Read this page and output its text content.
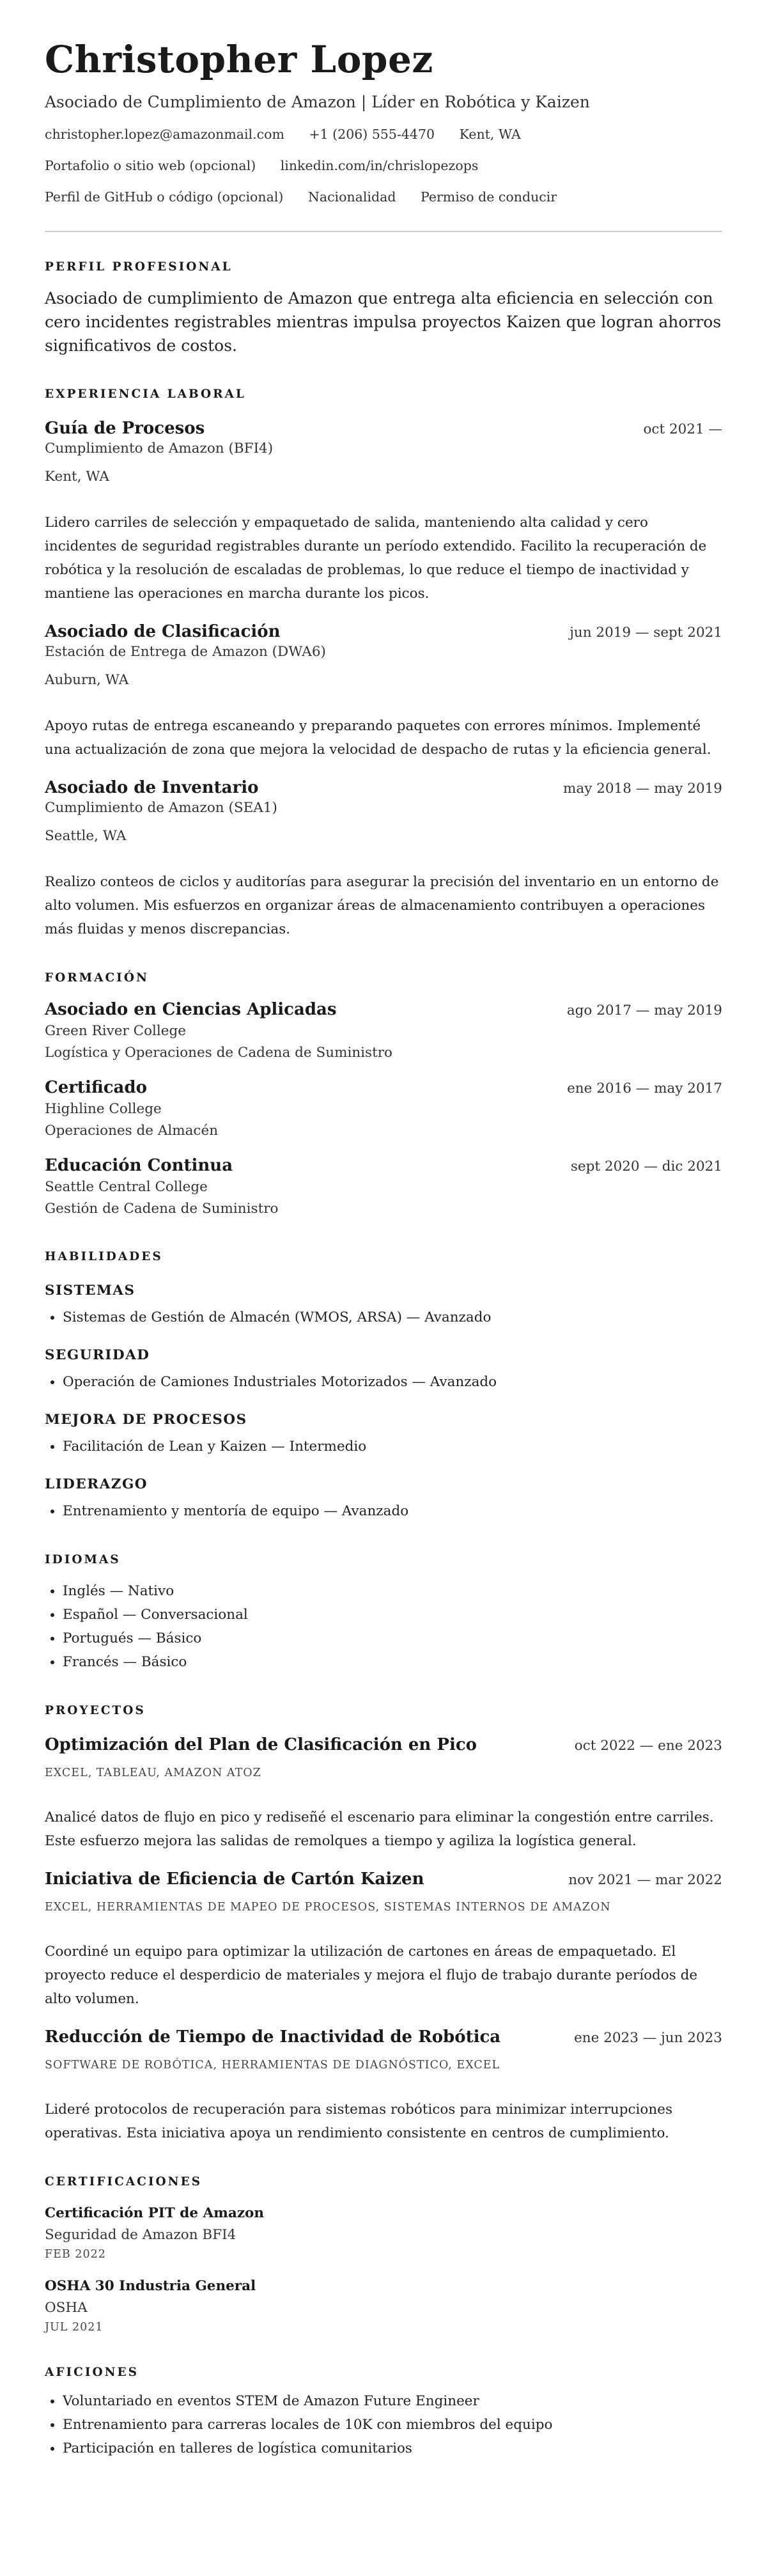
Christopher Lopez
Asociado de Cumplimiento de Amazon | Líder en Robótica y Kaizen
christopher.lopez@amazonmail.com +1 (206) 555-4470 Kent, WA
Portafolio o sitio web (opcional) linkedin.com/in/chrislopezops
Perfil de GitHub o código (opcional) Nacionalidad Permiso de conducir
PERFIL PROFESIONAL
Asociado de cumplimiento de Amazon que entrega alta eficiencia en selección con cero incidentes registrables mientras impulsa proyectos Kaizen que logran ahorros significativos de costos.
EXPERIENCIA LABORAL
Guía de Procesos	oct 2021 —
Cumplimiento de Amazon (BFI4)
Kent, WA
Lidero carriles de selección y empaquetado de salida, manteniendo alta calidad y cero incidentes de seguridad registrables durante un período extendido. Facilito la recuperación de robótica y la resolución de escaladas de problemas, lo que reduce el tiempo de inactividad y mantiene las operaciones en marcha durante los picos.
Asociado de Clasificación	jun 2019 — sept 2021
Estación de Entrega de Amazon (DWA6)
Auburn, WA
Apoyo rutas de entrega escaneando y preparando paquetes con errores mínimos. Implementé una actualización de zona que mejora la velocidad de despacho de rutas y la eficiencia general.
Asociado de Inventario	may 2018 — may 2019
Cumplimiento de Amazon (SEA1)
Seattle, WA
Realizo conteos de ciclos y auditorías para asegurar la precisión del inventario en un entorno de alto volumen. Mis esfuerzos en organizar áreas de almacenamiento contribuyen a operaciones más fluidas y menos discrepancias.
FORMACIÓN
Asociado en Ciencias Aplicadas	ago 2017 — may 2019
Green River College
Logística y Operaciones de Cadena de Suministro
Certificado	ene 2016 — may 2017
Highline College
Operaciones de Almacén
Educación Continua	sept 2020 — dic 2021
Seattle Central College
Gestión de Cadena de Suministro
HABILIDADES
SISTEMAS
• Sistemas de Gestión de Almacén (WMOS, ARSA) — Avanzado
SEGURIDAD
• Operación de Camiones Industriales Motorizados — Avanzado
MEJORA DE PROCESOS
• Facilitación de Lean y Kaizen — Intermedio
LIDERAZGO
• Entrenamiento y mentoría de equipo — Avanzado
IDIOMAS
• Inglés — Nativo
• Español — Conversacional
• Portugués — Básico
• Francés — Básico
PROYECTOS
Optimización del Plan de Clasificación en Pico	oct 2022 — ene 2023
EXCEL, TABLEAU, AMAZON ATOZ
Analicé datos de flujo en pico y rediseñé el escenario para eliminar la congestión entre carriles. Este esfuerzo mejora las salidas de remolques a tiempo y agiliza la logística general.
Iniciativa de Eficiencia de Cartón Kaizen	nov 2021 — mar 2022
EXCEL, HERRAMIENTAS DE MAPEO DE PROCESOS, SISTEMAS INTERNOS DE AMAZON
Coordiné un equipo para optimizar la utilización de cartones en áreas de empaquetado. El proyecto reduce el desperdicio de materiales y mejora el flujo de trabajo durante períodos de alto volumen.
Reducción de Tiempo de Inactividad de Robótica	ene 2023 — jun 2023
SOFTWARE DE ROBÓTICA, HERRAMIENTAS DE DIAGNÓSTICO, EXCEL
Lideré protocolos de recuperación para sistemas robóticos para minimizar interrupciones operativas. Esta iniciativa apoya un rendimiento consistente en centros de cumplimiento.
CERTIFICACIONES
Certificación PIT de Amazon
Seguridad de Amazon BFI4
FEB 2022
OSHA 30 Industria General
OSHA
JUL 2021
AFICIONES
• Voluntariado en eventos STEM de Amazon Future Engineer
• Entrenamiento para carreras locales de 10K con miembros del equipo
• Participación en talleres de logística comunitarios
